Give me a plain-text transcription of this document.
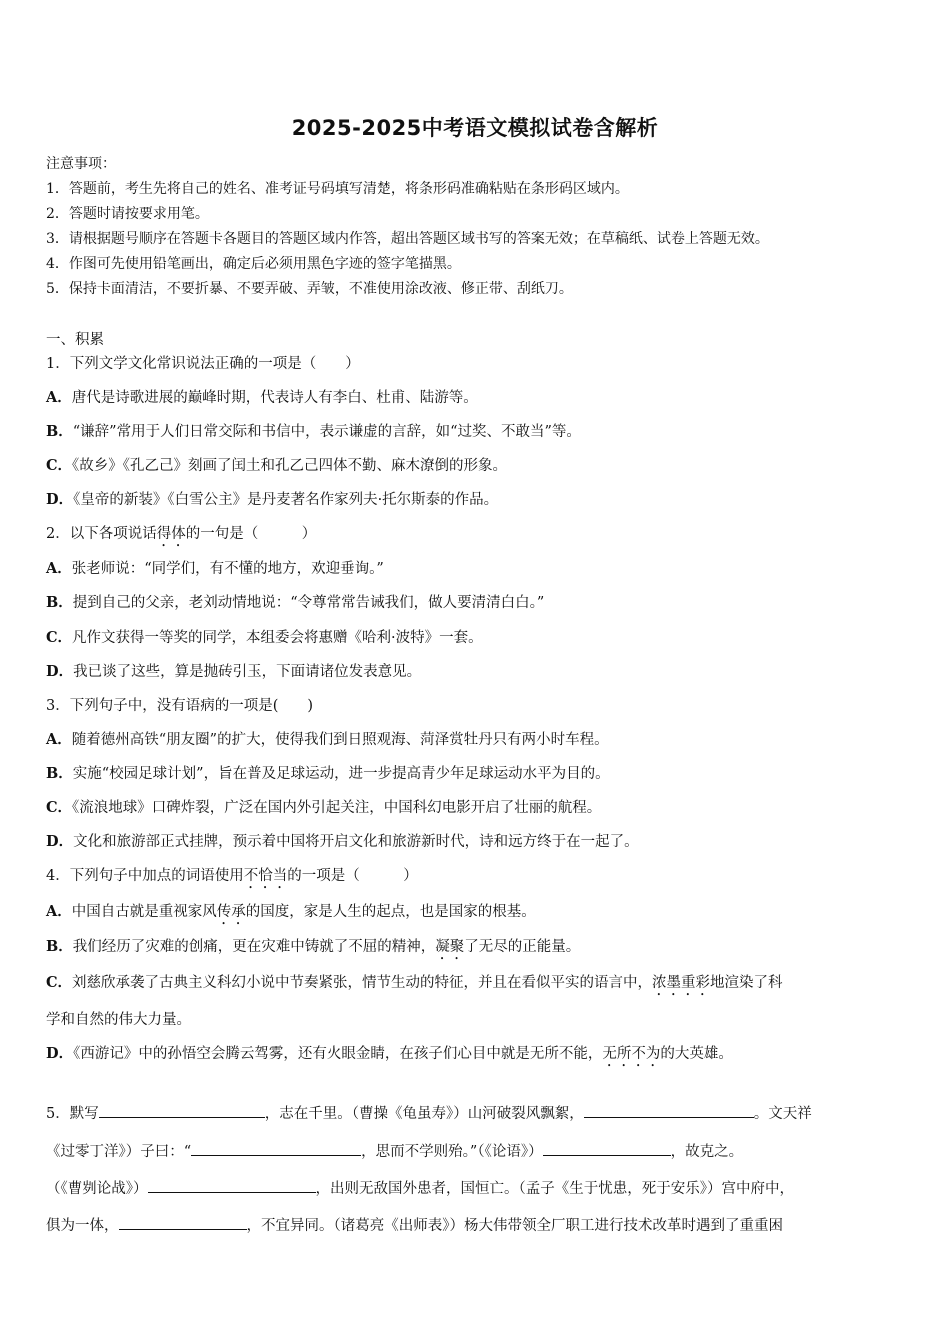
2025-2025中考语文模拟试卷含解析
注意事项：
1．答题前，考生先将自己的姓名、准考证号码填写清楚，将条形码准确粘贴在条形码区域内。
2．答题时请按要求用笔。
3．请根据题号顺序在答题卡各题目的答题区域内作答，超出答题区域书写的答案无效；在草稿纸、试卷上答题无效。
4．作图可先使用铅笔画出，确定后必须用黑色字迹的签字笔描黑。
5．保持卡面清洁，不要折暴、不要弄破、弄皱，不准使用涂改液、修正带、刮纸刀。
一、积累
1．下列文学文化常识说法正确的一项是（　　）
A．唐代是诗歌进展的巅峰时期，代表诗人有李白、杜甫、陆游等。
B．“谦辞”常用于人们日常交际和书信中，表示谦虚的言辞，如“过奖、不敢当”等。
C．《故乡》《孔乙己》刻画了闰土和孔乙己四体不勤、麻木潦倒的形象。
D．《皇帝的新装》《白雪公主》是丹麦著名作家列夫·托尔斯泰的作品。
2．以下各项说话得体的一句是（　　　）
A．张老师说：“同学们，有不懂的地方，欢迎垂询。”
B．提到自己的父亲，老刘动情地说：“令尊常常告诫我们，做人要清清白白。”
C．凡作文获得一等奖的同学，本组委会将惠赠《哈利·波特》一套。
D．我已谈了这些，算是抛砖引玉，下面请诸位发表意见。
3．下列句子中，没有语病的一项是(　　)
A．随着德州高铁“朋友圈”的扩大，使得我们到日照观海、菏泽赏牡丹只有两小时车程。
B．实施“校园足球计划”，旨在普及足球运动，进一步提高青少年足球运动水平为目的。
C．《流浪地球》口碑炸裂，广泛在国内外引起关注，中国科幻电影开启了壮丽的航程。
D．文化和旅游部正式挂牌，预示着中国将开启文化和旅游新时代，诗和远方终于在一起了。
4．下列句子中加点的词语使用不恰当的一项是（　　　）
A．中国自古就是重视家风传承的国度，家是人生的起点，也是国家的根基。
B．我们经历了灾难的创痛，更在灾难中铸就了不屈的精神，凝聚了无尽的正能量。
C．刘慈欣承袭了古典主义科幻小说中节奏紧张，情节生动的特征，并且在看似平实的语言中，浓墨重彩地渲染了科
学和自然的伟大力量。
D．《西游记》中的孙悟空会腾云驾雾，还有火眼金睛，在孩子们心目中就是无所不能，无所不为的大英雄。
5．默写	，志在千里。（曹操《龟虽寿》）山河破裂风飘絮，	。文天祥
《过零丁洋》）子曰：“	，思而不学则殆。”（《论语》）	，故克之。
（《曹刿论战》）	，出则无敌国外患者，国恒亡。（孟子《生于忧患，死于安乐》）宫中府中，
俱为一体，	，不宜异同。（诸葛亮《出师表》）杨大伟带领全厂职工进行技术改革时遇到了重重困
